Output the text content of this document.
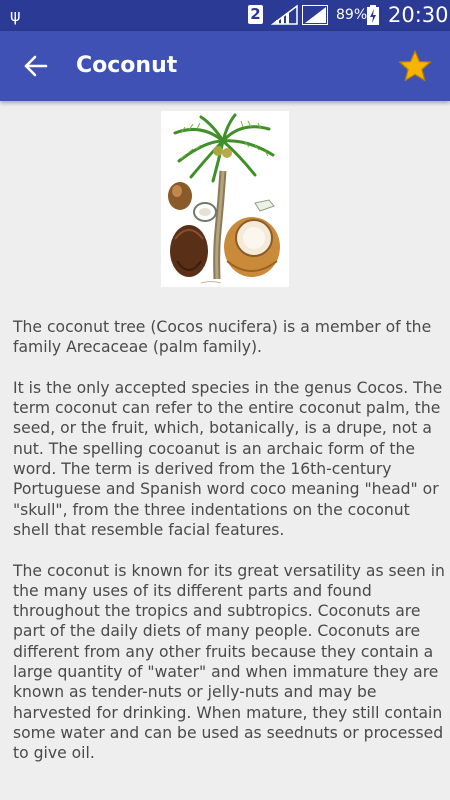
ψ	2	89% 20:30
Coconut

The coconut tree (Cocos nucifera) is a member of the family Arecaceae (palm family).

It is the only accepted species in the genus Cocos. The term coconut can refer to the entire coconut palm, the seed, or the fruit, which, botanically, is a drupe, not a nut. The spelling cocoanut is an archaic form of the word. The term is derived from the 16th-century Portuguese and Spanish word coco meaning "head" or "skull", from the three indentations on the coconut shell that resemble facial features.

The coconut is known for its great versatility as seen in the many uses of its different parts and found throughout the tropics and subtropics. Coconuts are part of the daily diets of many people. Coconuts are different from any other fruits because they contain a large quantity of "water" and when immature they are known as tender-nuts or jelly-nuts and may be harvested for drinking. When mature, they still contain some water and can be used as seednuts or processed to give oil.
